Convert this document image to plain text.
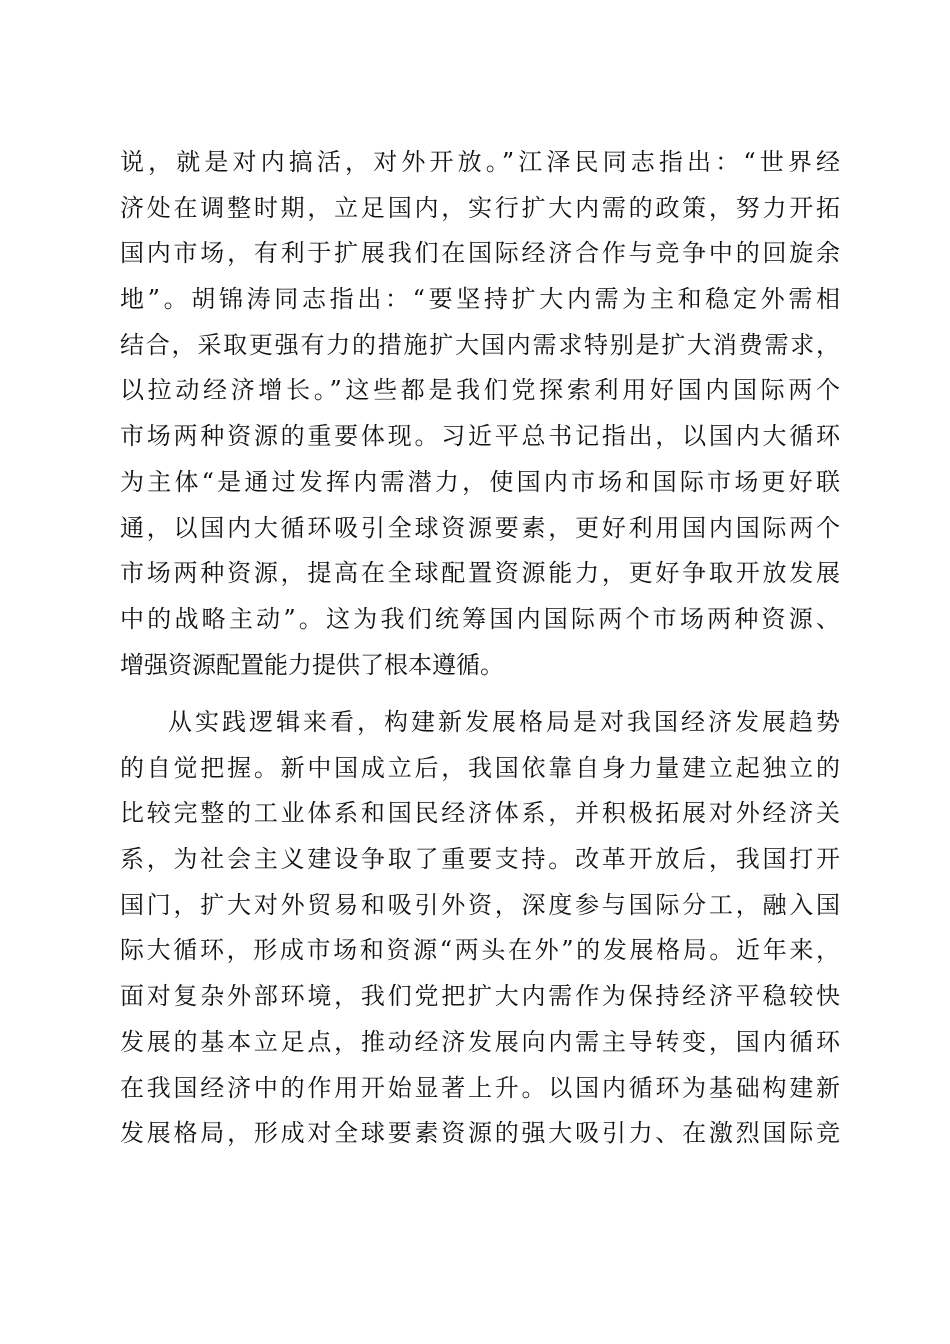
说，就是对内搞活，对外开放。”江泽民同志指出：“世界经
济处在调整时期，立足国内，实行扩大内需的政策，努力开拓
国内市场，有利于扩展我们在国际经济合作与竞争中的回旋余
地”。胡锦涛同志指出：“要坚持扩大内需为主和稳定外需相
结合，采取更强有力的措施扩大国内需求特别是扩大消费需求，
以拉动经济增长。”这些都是我们党探索利用好国内国际两个
市场两种资源的重要体现。习近平总书记指出，以国内大循环
为主体“是通过发挥内需潜力，使国内市场和国际市场更好联
通，以国内大循环吸引全球资源要素，更好利用国内国际两个
市场两种资源，提高在全球配置资源能力，更好争取开放发展
中的战略主动”。这为我们统筹国内国际两个市场两种资源、
增强资源配置能力提供了根本遵循。
从实践逻辑来看，构建新发展格局是对我国经济发展趋势
的自觉把握。新中国成立后，我国依靠自身力量建立起独立的
比较完整的工业体系和国民经济体系，并积极拓展对外经济关
系，为社会主义建设争取了重要支持。改革开放后，我国打开
国门，扩大对外贸易和吸引外资，深度参与国际分工，融入国
际大循环，形成市场和资源“两头在外”的发展格局。近年来，
面对复杂外部环境，我们党把扩大内需作为保持经济平稳较快
发展的基本立足点，推动经济发展向内需主导转变，国内循环
在我国经济中的作用开始显著上升。以国内循环为基础构建新
发展格局，形成对全球要素资源的强大吸引力、在激烈国际竞
